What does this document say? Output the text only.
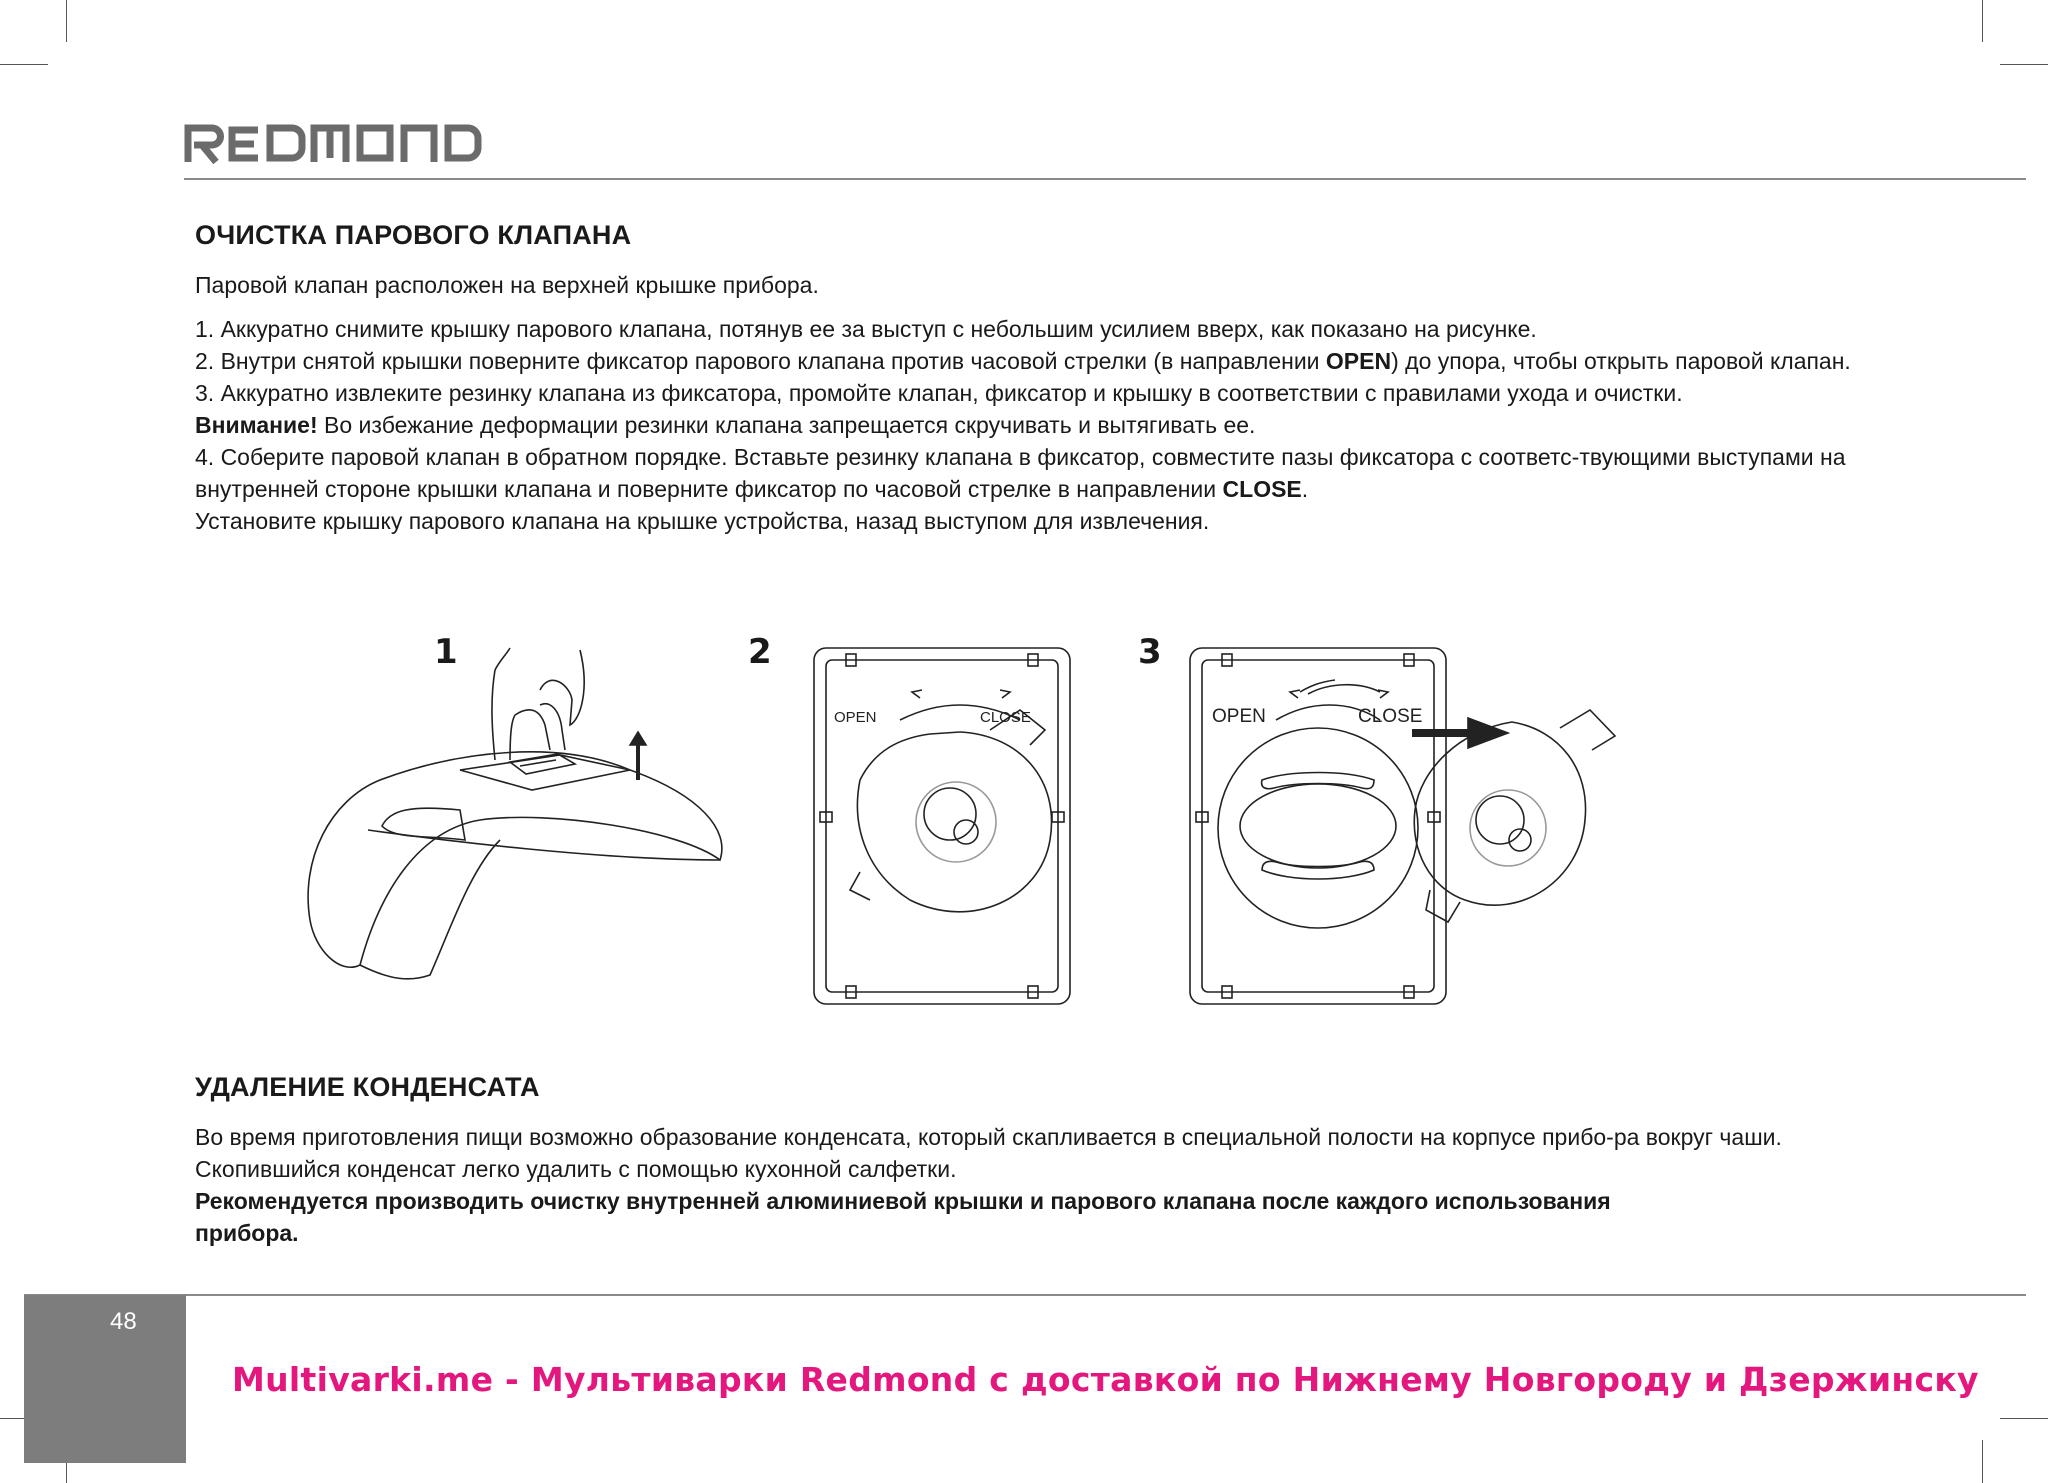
ОЧИСТКА ПАРОВОГО КЛАПАНА

Паровой клапан расположен на верхней крышке прибора.

1. Аккуратно снимите крышку парового клапана, потянув ее за выступ с небольшим усилием вверх, как показано на рисунке.

2. Внутри снятой крышки поверните фиксатор парового клапана против часовой стрелки (в направлении OPEN) до упора, чтобы открыть паровой клапан.

3. Аккуратно извлеките резинку клапана из фиксатора, промойте клапан, фиксатор и крышку в соответствии с правилами ухода и очистки.

Внимание! Во избежание деформации резинки клапана запрещается скручивать и вытягивать ее.

4. Соберите паровой клапан в обратном порядке. Вставьте резинку клапана в фиксатор, совместите пазы фиксатора с соответс-твующими выступами на внутренней стороне крышки клапана и поверните фиксатор по часовой стрелке в направлении CLOSE.

Установите крышку парового клапана на крышке устройства, назад выступом для извлечения.

1	2	3
OPEN	CLOSE	OPEN	CLOSE
УДАЛЕНИЕ КОНДЕНСАТА

Во время приготовления пищи возможно образование конденсата, который скапливается в специальной полости на корпусе прибо-ра вокруг чаши. Скопившийся конденсат легко удалить с помощью кухонной салфетки.

Рекомендуется производить очистку внутренней алюминиевой крышки и парового клапана после каждого использования прибора.

48
Multivarki.me - Мультиварки Redmond с доставкой по Нижнему Новгороду и Дзержинску
